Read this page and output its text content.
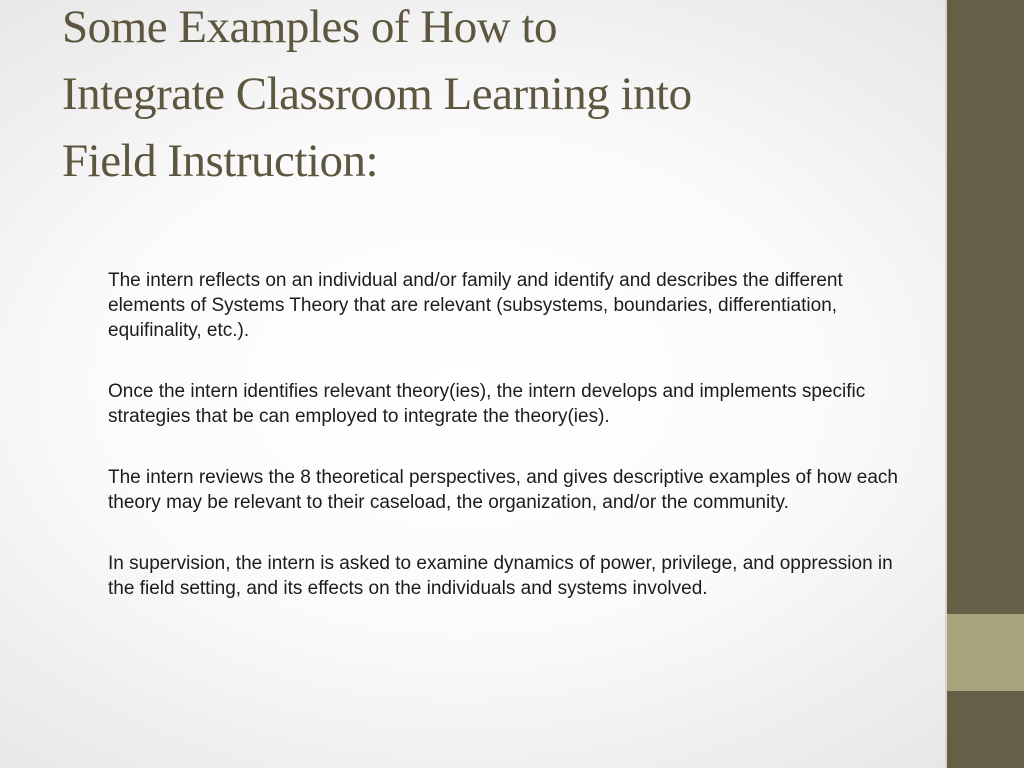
Some Examples of How to
Integrate Classroom Learning into
Field Instruction:

The intern reflects on an individual and/or family and identify and describes the different elements of Systems Theory that are relevant (subsystems, boundaries, differentiation, equifinality, etc.).

Once the intern identifies relevant theory(ies), the intern develops and implements specific strategies that be can employed to integrate the theory(ies).

The intern reviews the 8 theoretical perspectives, and gives descriptive examples of how each theory may be relevant to their caseload, the organization, and/or the community.

In supervision, the intern is asked to examine dynamics of power, privilege, and oppression in the field setting, and its effects on the individuals and systems involved.
